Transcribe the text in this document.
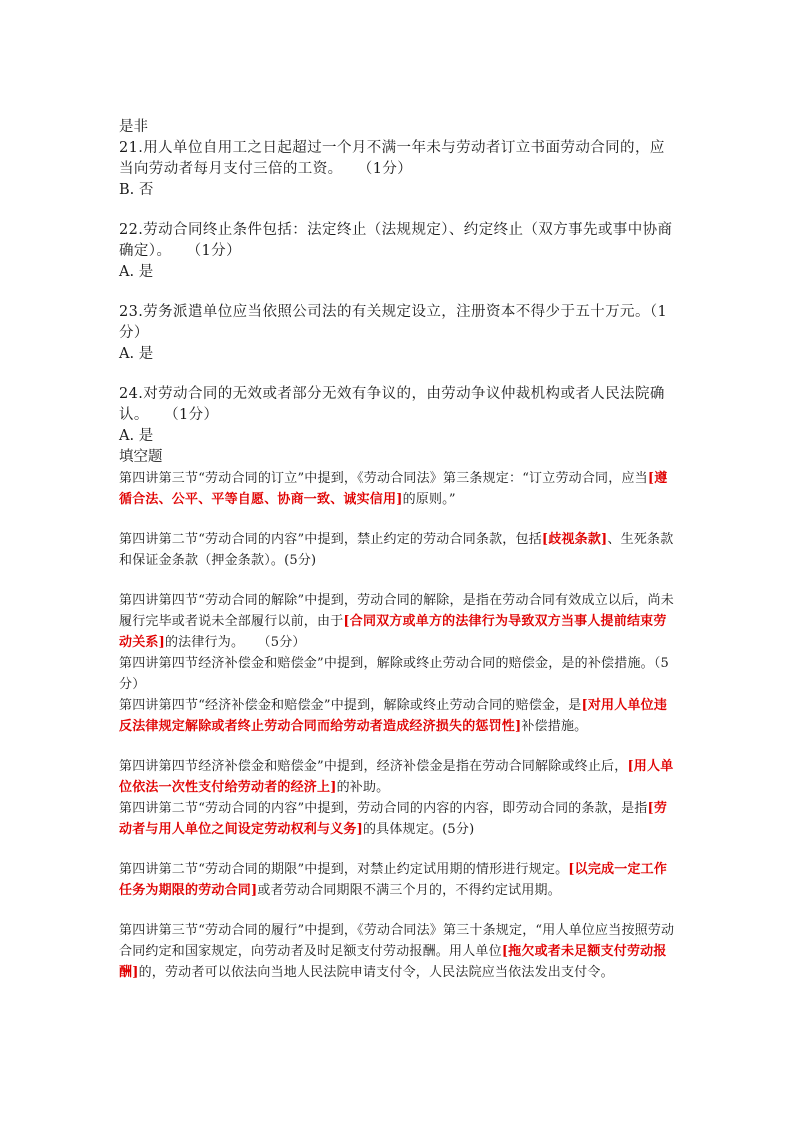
是非

21.用人单位自用工之日起超过一个月不满一年未与劳动者订立书面劳动合同的，应当向劳动者每月支付三倍的工资。　　（1分）

B. 否

22.劳动合同终止条件包括：法定终止（法规规定）、约定终止（双方事先或事中协商确定）。　　（1分）

A. 是

23.劳务派遣单位应当依照公司法的有关规定设立，注册资本不得少于五十万元。（1分）

A. 是

24.对劳动合同的无效或者部分无效有争议的，由劳动争议仲裁机构或者人民法院确认。　　（1分）

A. 是

填空题

第四讲第三节“劳动合同的订立”中提到，《劳动合同法》第三条规定：“订立劳动合同，应当[遵循合法、公平、平等自愿、协商一致、诚实信用]的原则。”

第四讲第二节“劳动合同的内容”中提到，禁止约定的劳动合同条款，包括[歧视条款]、生死条款和保证金条款（押金条款）。(5分)

第四讲第四节“劳动合同的解除”中提到，劳动合同的解除，是指在劳动合同有效成立以后，尚未履行完毕或者说未全部履行以前，由于[合同双方或单方的法律行为导致双方当事人提前结束劳动关系]的法律行为。　　（5分）

第四讲第四节经济补偿金和赔偿金”中提到，解除或终止劳动合同的赔偿金，是的补偿措施。（5分）

第四讲第四节“经济补偿金和赔偿金”中提到，解除或终止劳动合同的赔偿金，是[对用人单位违反法律规定解除或者终止劳动合同而给劳动者造成经济损失的惩罚性]补偿措施。

第四讲第四节经济补偿金和赔偿金”中提到，经济补偿金是指在劳动合同解除或终止后，[用人单位依法一次性支付给劳动者的经济上]的补助。

第四讲第二节“劳动合同的内容”中提到，劳动合同的内容的内容，即劳动合同的条款，是指[劳动者与用人单位之间设定劳动权利与义务]的具体规定。(5分)

第四讲第二节“劳动合同的期限”中提到，对禁止约定试用期的情形进行规定。[以完成一定工作任务为期限的劳动合同]或者劳动合同期限不满三个月的，不得约定试用期。

第四讲第三节“劳动合同的履行”中提到，《劳动合同法》第三十条规定，“用人单位应当按照劳动合同约定和国家规定，向劳动者及时足额支付劳动报酬。用人单位[拖欠或者未足额支付劳动报酬]的，劳动者可以依法向当地人民法院申请支付令，人民法院应当依法发出支付令。
